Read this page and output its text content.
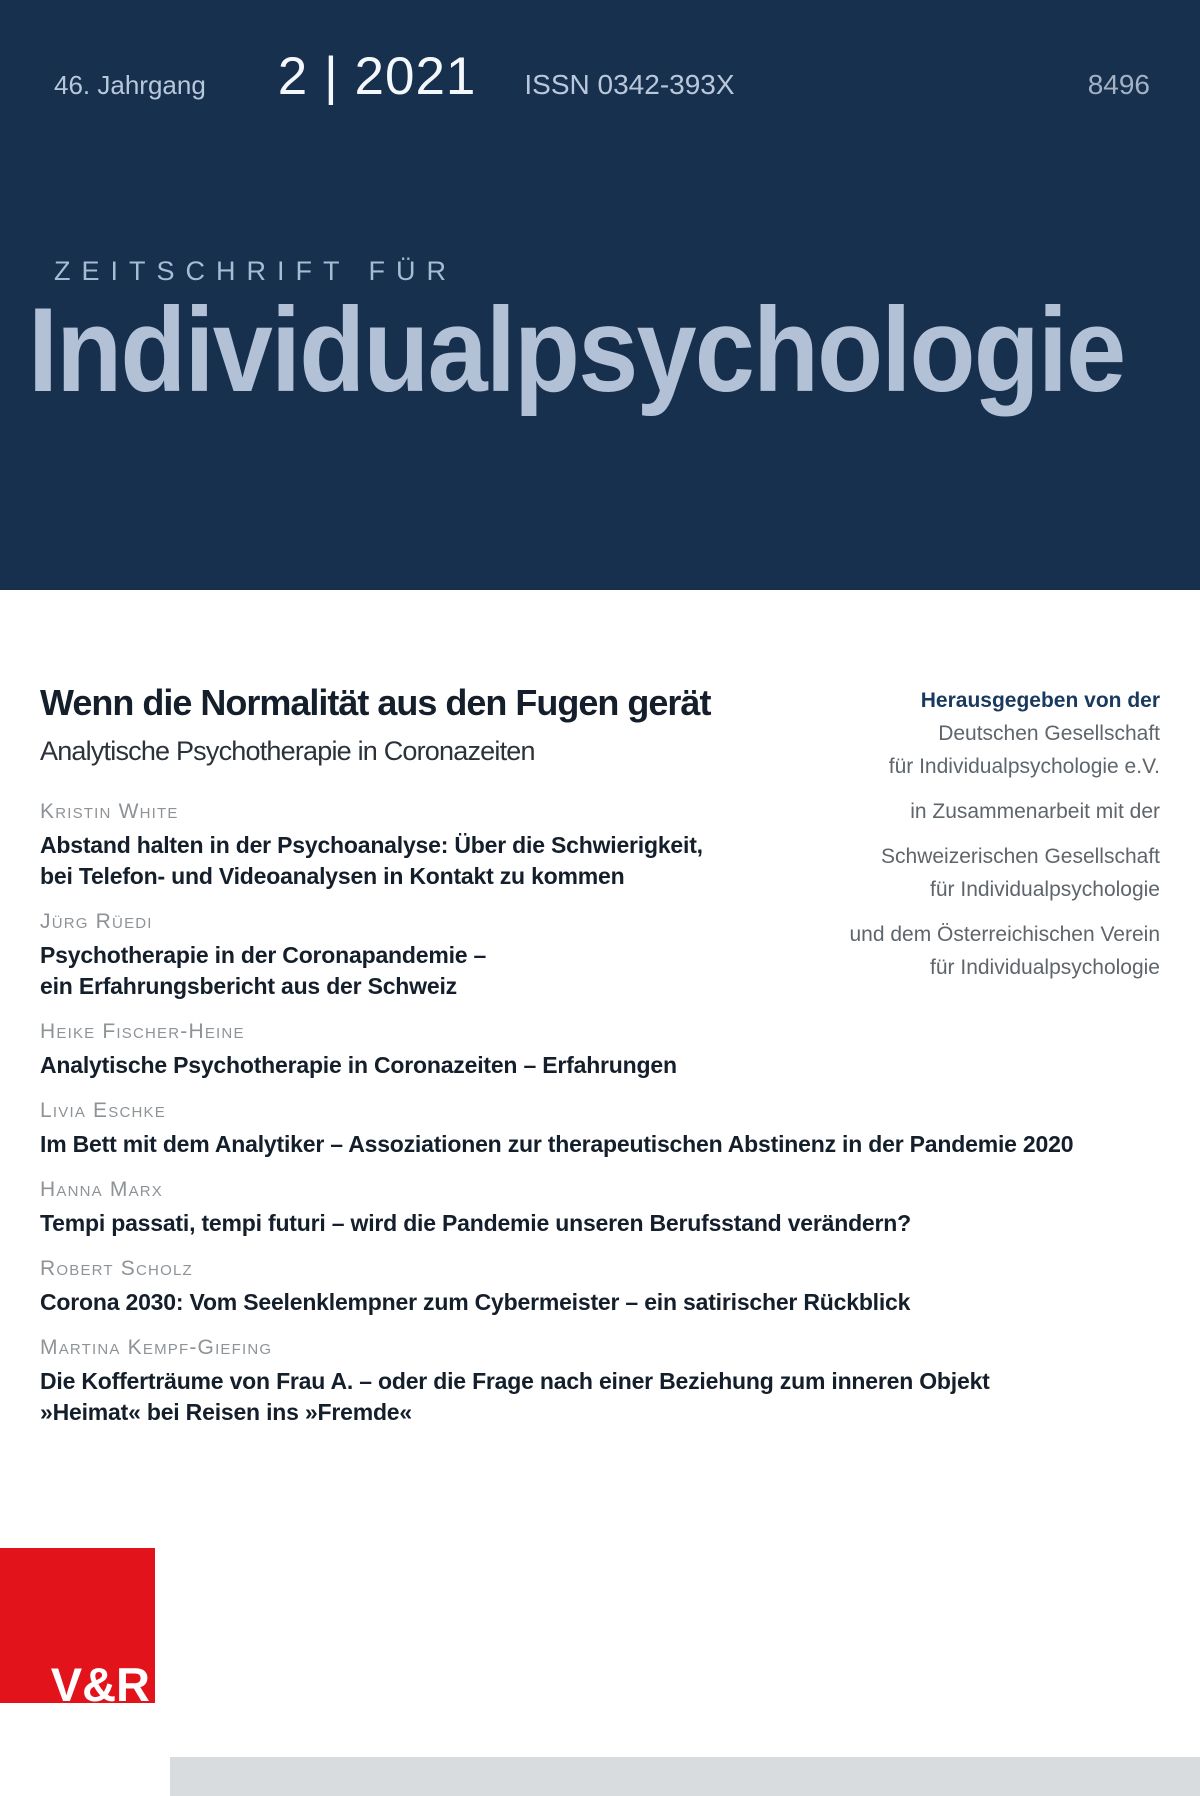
46. Jahrgang 2 | 2021 ISSN 0342-393X	8496
ZEITSCHRIFT FÜR
Individualpsychologie
Wenn die Normalität aus den Fugen gerät
Analytische Psychotherapie in Coronazeiten
Herausgegeben von der
Deutschen Gesellschaft
für Individualpsychologie e.V.
in Zusammenarbeit mit der
Schweizerischen Gesellschaft
für Individualpsychologie
und dem Österreichischen Verein
für Individualpsychologie
Kristin White
Abstand halten in der Psychoanalyse: Über die Schwierigkeit,
bei Telefon- und Videoanalysen in Kontakt zu kommen
Jürg Rüedi
Psychotherapie in der Coronapandemie –
ein Erfahrungsbericht aus der Schweiz
Heike Fischer-Heine
Analytische Psychotherapie in Coronazeiten – Erfahrungen
Livia Eschke
Im Bett mit dem Analytiker – Assoziationen zur therapeutischen Abstinenz in der Pandemie 2020
Hanna Marx
Tempi passati, tempi futuri – wird die Pandemie unseren Berufsstand verändern?
Robert Scholz
Corona 2030: Vom Seelenklempner zum Cybermeister – ein satirischer Rückblick
Martina Kempf-Giefing
Die Kofferträume von Frau A. – oder die Frage nach einer Beziehung zum inneren Objekt
»Heimat« bei Reisen ins »Fremde«
V&R
